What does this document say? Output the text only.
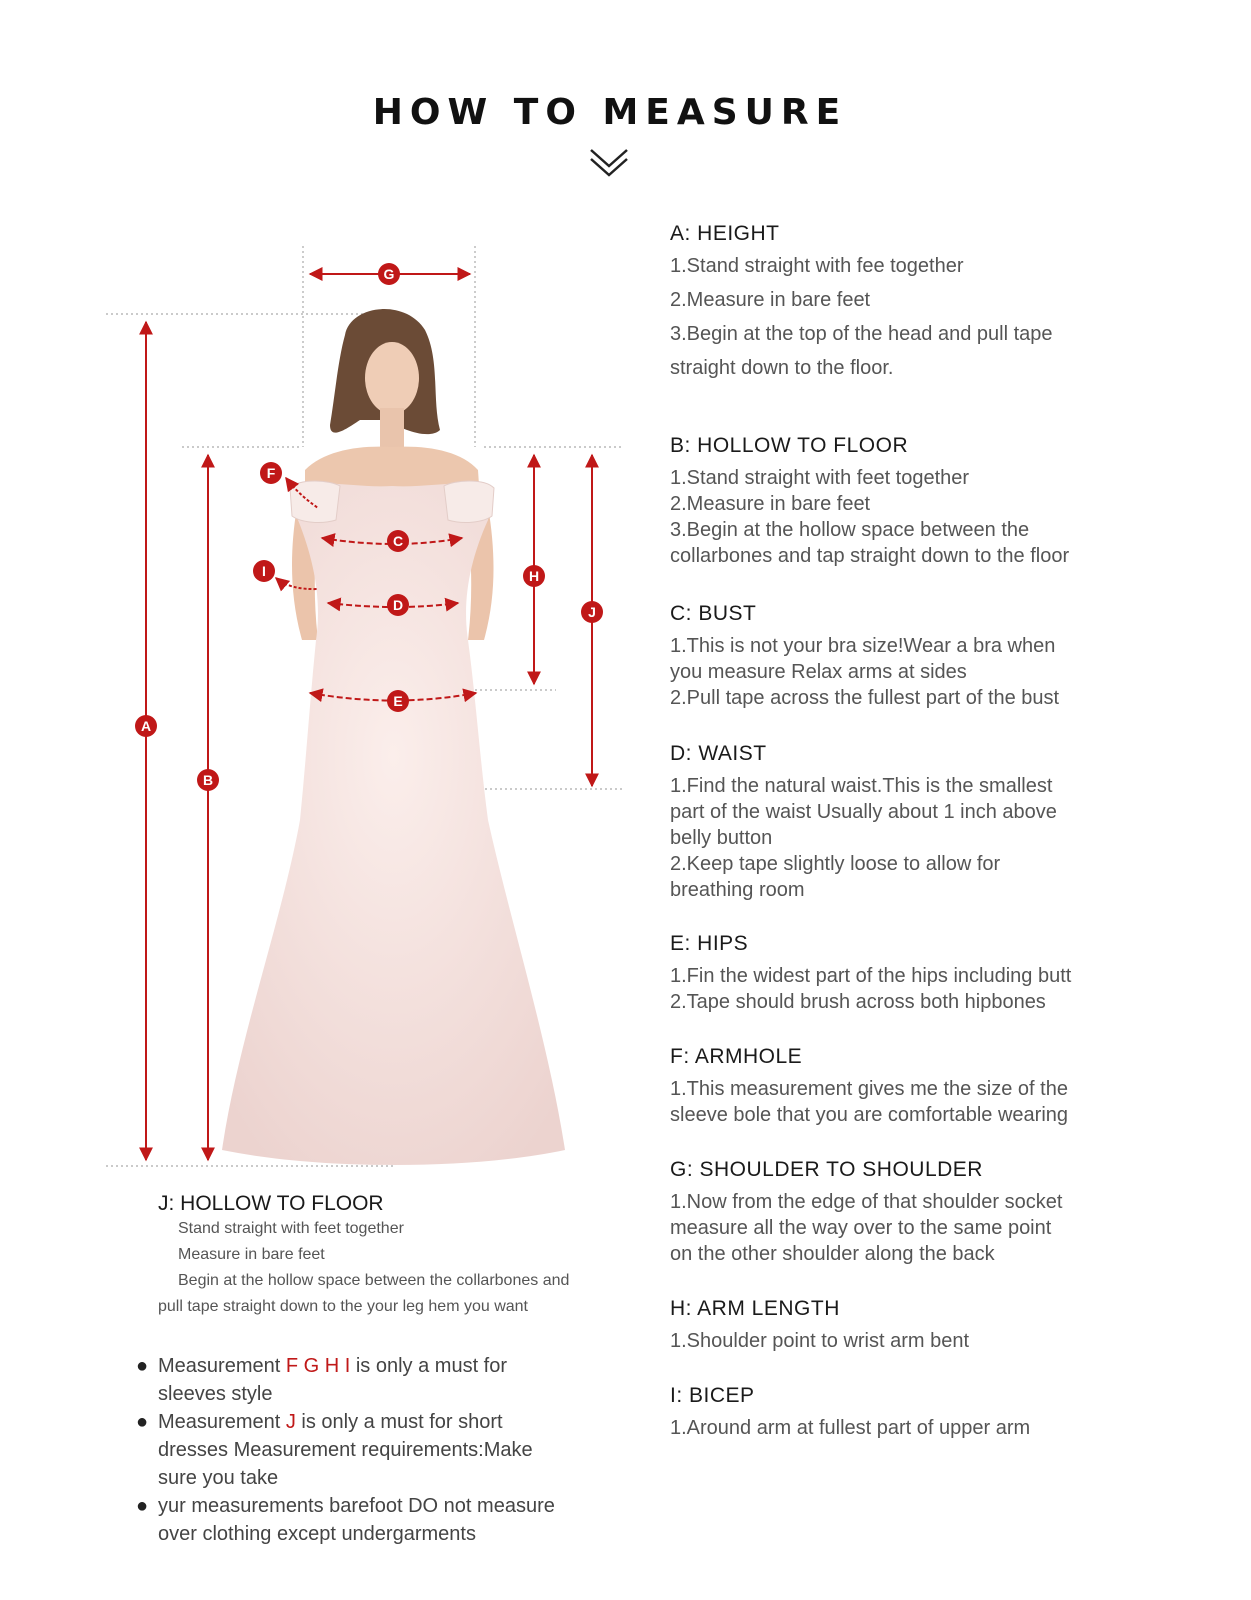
HOW TO MEASURE
A
B
C
D
E
F
G
H
I
J
A: HEIGHT
1.Stand straight with fee together
2.Measure in bare feet
3.Begin at the top of the head and pull tape
straight down to the floor.
B: HOLLOW TO FLOOR
1.Stand straight with feet together
2.Measure in bare feet
3.Begin at the hollow space between the
collarbones and tap straight down to the floor
C: BUST
1.This is not your bra size!Wear a bra when
you measure Relax arms at sides
2.Pull tape across the fullest part of the bust
D: WAIST
1.Find the natural waist.This is the smallest
part of the waist Usually about 1 inch above
belly button
2.Keep tape slightly loose to allow for
breathing room
E: HIPS
1.Fin the widest part of the hips including butt
2.Tape should brush across both hipbones
F: ARMHOLE
1.This measurement gives me the size of the
sleeve bole that you are comfortable wearing
G: SHOULDER TO SHOULDER
1.Now from the edge of that shoulder socket
measure all the way over to the same point
on the other shoulder along the back
H: ARM LENGTH
1.Shoulder point to wrist arm bent
I: BICEP
1.Around arm at fullest part of upper arm
J: HOLLOW TO FLOOR
Stand straight with feet together
Measure in bare feet
Begin at the hollow space between the collarbones and
pull tape straight down to the your leg hem you want
● Measurement F G H I is only a must for
sleeves style
● Measurement J is only a must for short
dresses Measurement requirements:Make
sure you take
● yur measurements barefoot DO not measure
over clothing except undergarments
